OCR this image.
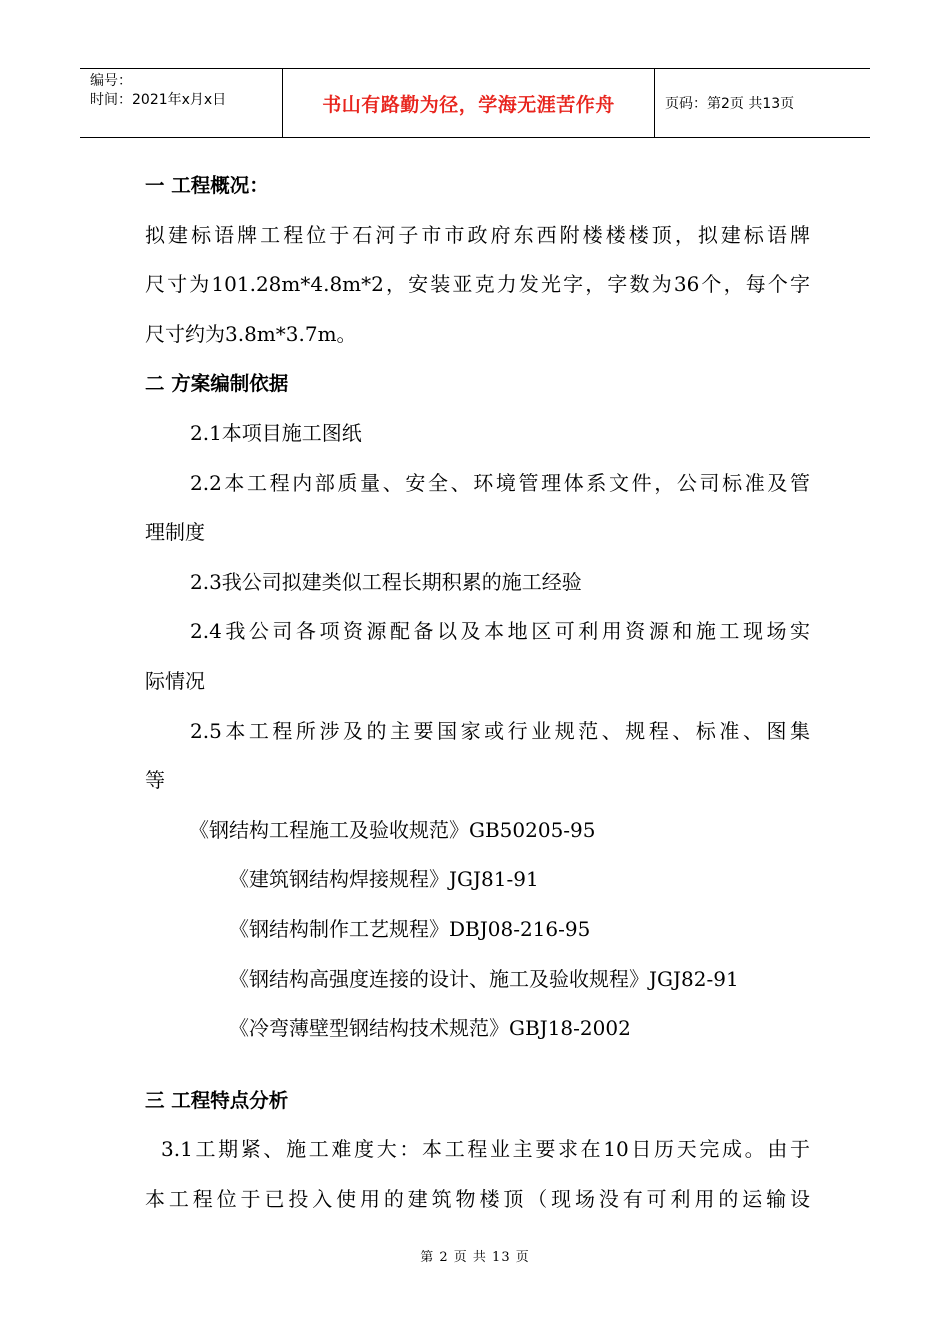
编号：
时间：2021年x月x日	书山有路勤为径，学海无涯苦作舟	页码：第2页 共13页
一 工程概况：
拟建标语牌工程位于石河子市市政府东西附楼楼楼顶，拟建标语牌
尺寸为101.28m*4.8m*2，安装亚克力发光字，字数为36个，每个字
尺寸约为3.8m*3.7m。
二 方案编制依据
2.1本项目施工图纸
2.2本工程内部质量、安全、环境管理体系文件，公司标准及管
理制度
2.3我公司拟建类似工程长期积累的施工经验
2.4我公司各项资源配备以及本地区可利用资源和施工现场实
际情况
2.5本工程所涉及的主要国家或行业规范、规程、标准、图集
等
《钢结构工程施工及验收规范》GB50205-95
《建筑钢结构焊接规程》JGJ81-91
《钢结构制作工艺规程》DBJ08-216-95
《钢结构高强度连接的设计、施工及验收规程》JGJ82-91
《冷弯薄壁型钢结构技术规范》GBJ18-2002
三 工程特点分析
3.1工期紧、施工难度大：本工程业主要求在10日历天完成。由于
本工程位于已投入使用的建筑物楼顶（现场没有可利用的运输设
第 2 页 共 13 页
